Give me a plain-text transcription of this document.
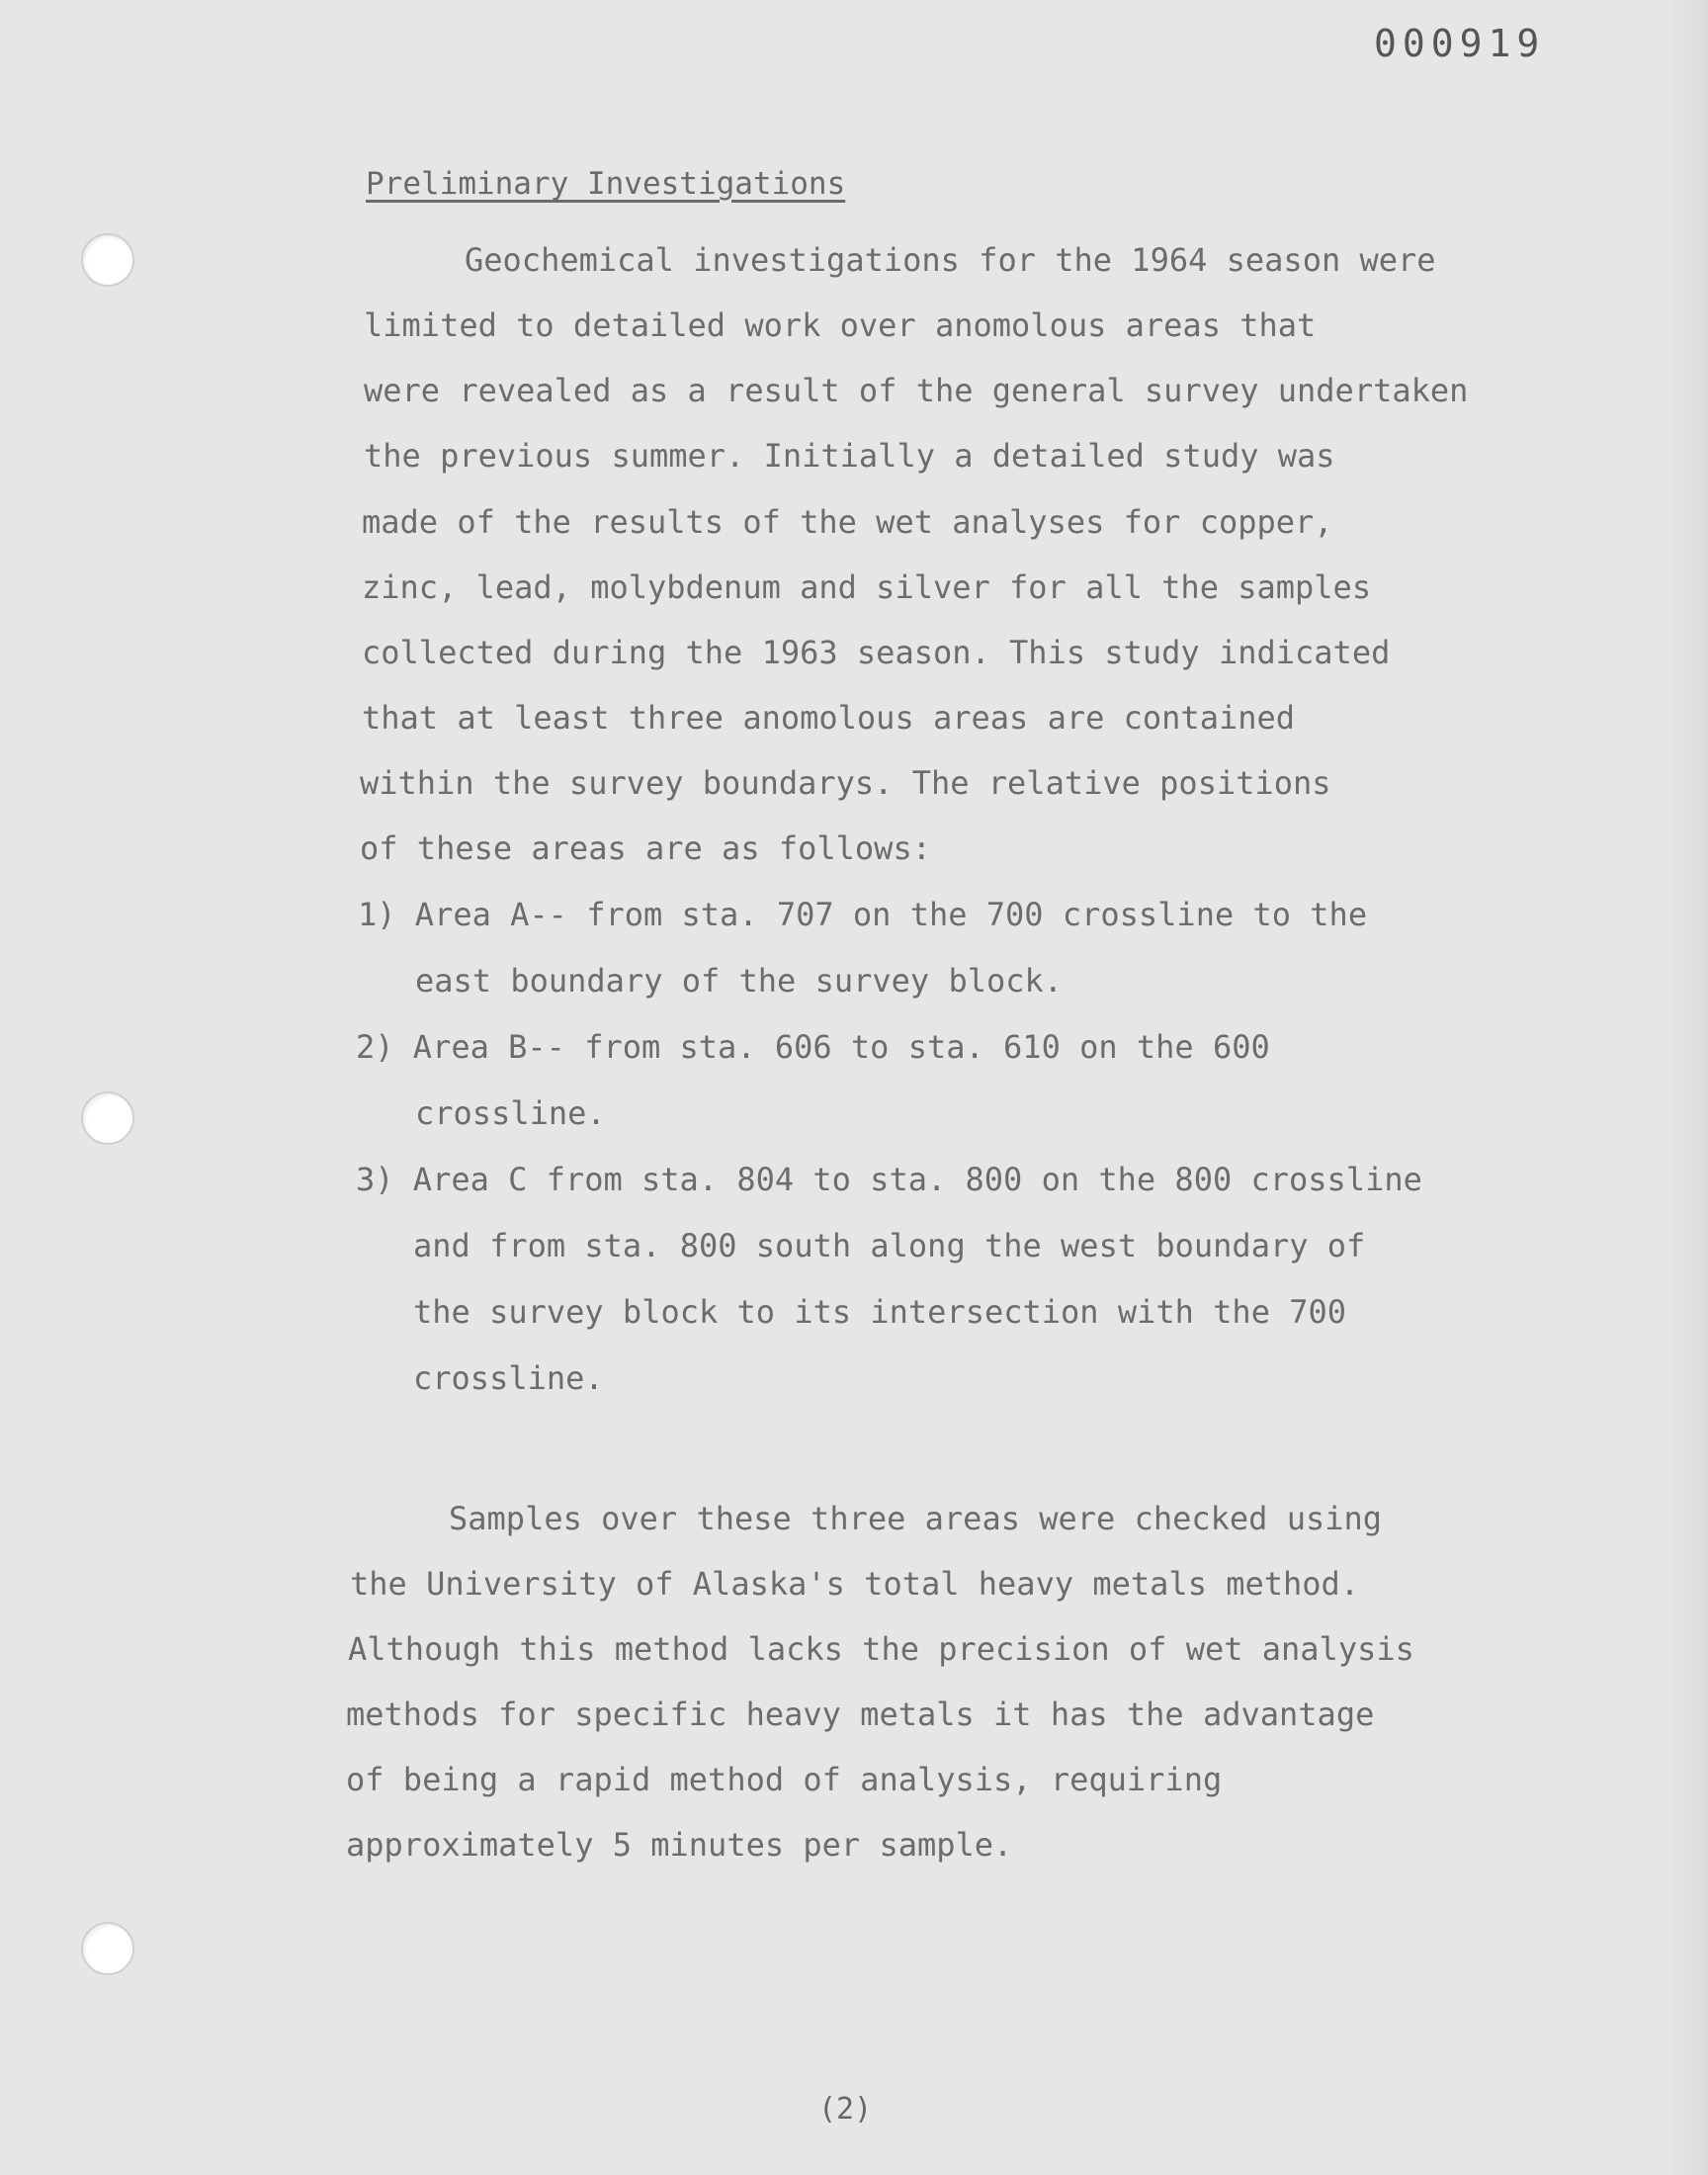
000919
Preliminary Investigations
Geochemical investigations for the 1964 season were
limited to detailed work over anomolous areas that
were revealed as a result of the general survey undertaken
the previous summer. Initially a detailed study was
made of the results of the wet analyses for copper,
zinc, lead, molybdenum and silver for all the samples
collected during the 1963 season. This study indicated
that at least three anomolous areas are contained
within the survey boundarys. The relative positions
of these areas are as follows:
1) Area A-- from sta. 707 on the 700 crossline to the
east boundary of the survey block.
2) Area B-- from sta. 606 to sta. 610 on the 600
crossline.
3) Area C from sta. 804 to sta. 800 on the 800 crossline
and from sta. 800 south along the west boundary of
the survey block to its intersection with the 700
crossline.
Samples over these three areas were checked using
the University of Alaska's total heavy metals method.
Although this method lacks the precision of wet analysis
methods for specific heavy metals it has the advantage
of being a rapid method of analysis, requiring
approximately 5 minutes per sample.
(2)
